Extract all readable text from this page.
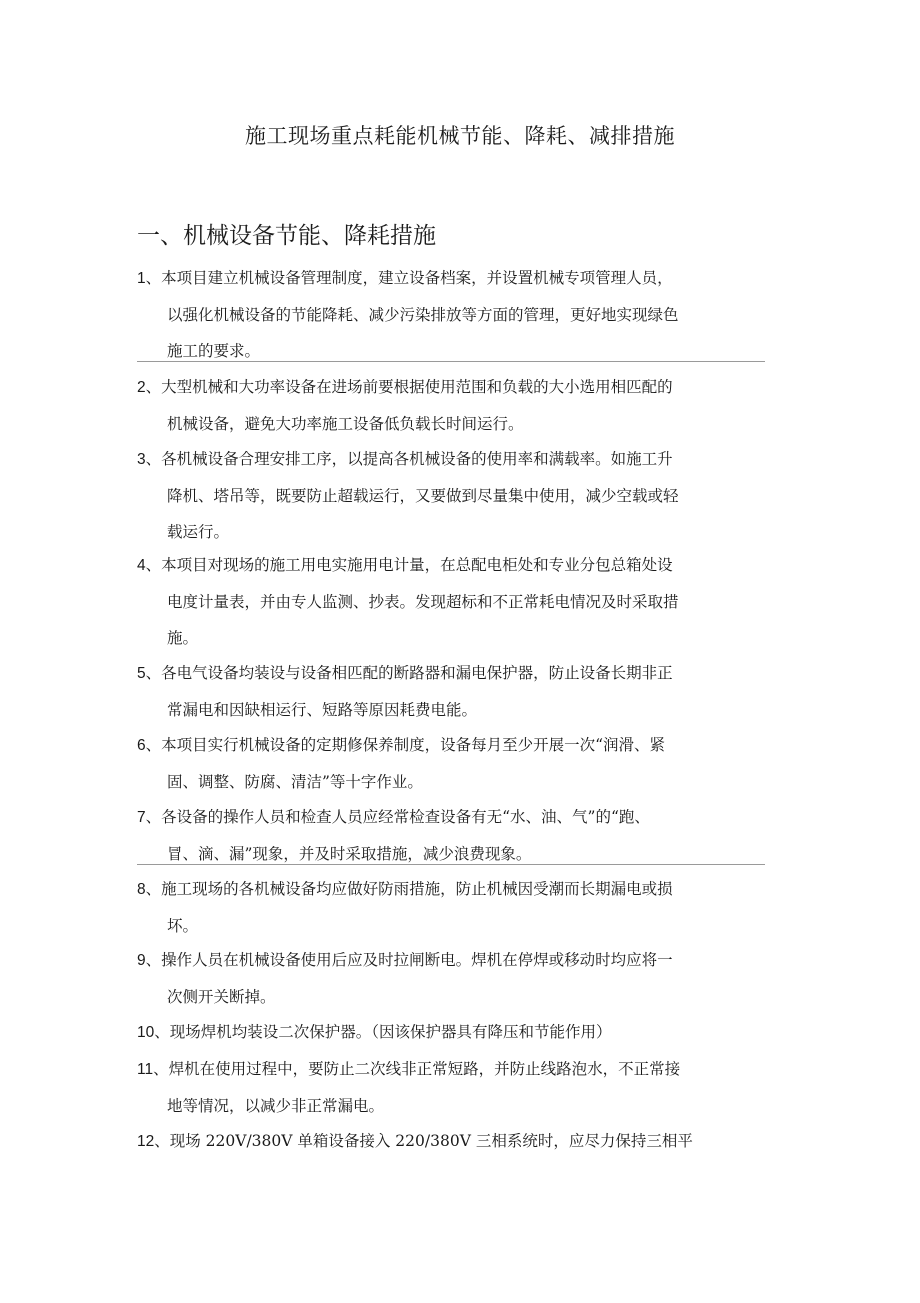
施工现场重点耗能机械节能、降耗、减排措施
一、机械设备节能、降耗措施
1、本项目建立机械设备管理制度，建立设备档案，并设置机械专项管理人员，
以强化机械设备的节能降耗、减少污染排放等方面的管理，更好地实现绿色
施工的要求。
2、大型机械和大功率设备在进场前要根据使用范围和负载的大小选用相匹配的
机械设备，避免大功率施工设备低负载长时间运行。
3、各机械设备合理安排工序，以提高各机械设备的使用率和满载率。如施工升
降机、塔吊等，既要防止超载运行，又要做到尽量集中使用，减少空载或轻
载运行。
4、本项目对现场的施工用电实施用电计量，在总配电柜处和专业分包总箱处设
电度计量表，并由专人监测、抄表。发现超标和不正常耗电情况及时采取措
施。
5、各电气设备均装设与设备相匹配的断路器和漏电保护器，防止设备长期非正
常漏电和因缺相运行、短路等原因耗费电能。
6、本项目实行机械设备的定期修保养制度，设备每月至少开展一次“润滑、紧
固、调整、防腐、清洁”等十字作业。
7、各设备的操作人员和检查人员应经常检查设备有无“水、油、气”的“跑、
冒、滴、漏”现象，并及时采取措施，减少浪费现象。
8、施工现场的各机械设备均应做好防雨措施，防止机械因受潮而长期漏电或损
坏。
9、操作人员在机械设备使用后应及时拉闸断电。焊机在停焊或移动时均应将一
次侧开关断掉。
10、现场焊机均装设二次保护器。（因该保护器具有降压和节能作用）
11、焊机在使用过程中，要防止二次线非正常短路，并防止线路泡水，不正常接
地等情况，以减少非正常漏电。
12、现场 220V/380V 单箱设备接入 220/380V 三相系统时，应尽力保持三相平
